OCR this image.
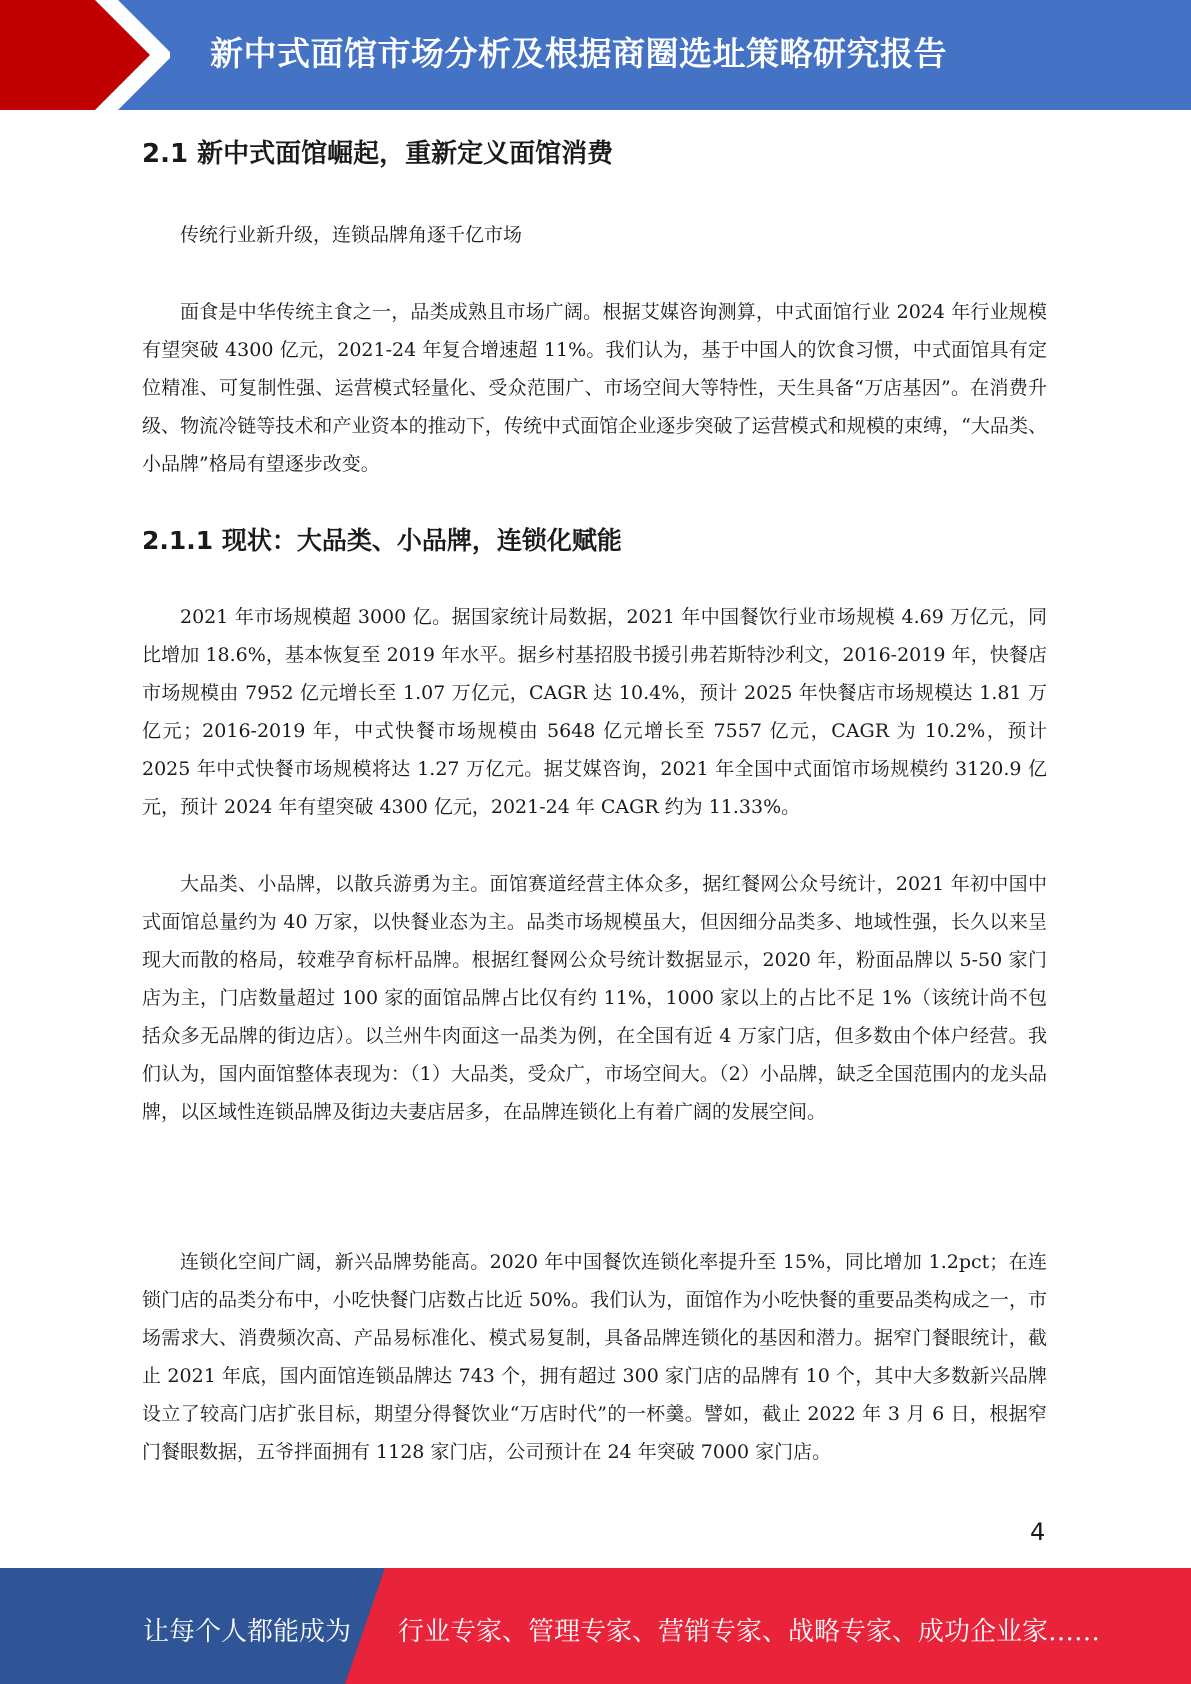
新中式面馆市场分析及根据商圈选址策略研究报告
2.1 新中式面馆崛起，重新定义面馆消费

传统行业新升级，连锁品牌角逐千亿市场

面食是中华传统主食之一，品类成熟且市场广阔。根据艾媒咨询测算，中式面馆行业 2024 年行业规模有望突破 4300 亿元，2021-24 年复合增速超 11%。我们认为，基于中国人的饮食习惯，中式面馆具有定位精准、可复制性强、运营模式轻量化、受众范围广、市场空间大等特性，天生具备“万店基因”。在消费升级、物流冷链等技术和产业资本的推动下，传统中式面馆企业逐步突破了运营模式和规模的束缚，“大品类、小品牌”格局有望逐步改变。

2.1.1 现状：大品类、小品牌，连锁化赋能

2021 年市场规模超 3000 亿。据国家统计局数据，2021 年中国餐饮行业市场规模 4.69 万亿元，同比增加 18.6%，基本恢复至 2019 年水平。据乡村基招股书援引弗若斯特沙利文，2016-2019 年，快餐店市场规模由 7952 亿元增长至 1.07 万亿元，CAGR 达 10.4%，预计 2025 年快餐店市场规模达 1.81 万亿元；2016-2019 年，中式快餐市场规模由 5648 亿元增长至 7557 亿元，CAGR 为 10.2%，预计 2025 年中式快餐市场规模将达 1.27 万亿元。据艾媒咨询，2021 年全国中式面馆市场规模约 3120.9 亿元，预计 2024 年有望突破 4300 亿元，2021-24 年 CAGR 约为 11.33%。

大品类、小品牌，以散兵游勇为主。面馆赛道经营主体众多，据红餐网公众号统计，2021 年初中国中式面馆总量约为 40 万家，以快餐业态为主。品类市场规模虽大，但因细分品类多、地域性强，长久以来呈现大而散的格局，较难孕育标杆品牌。根据红餐网公众号统计数据显示，2020 年，粉面品牌以 5-50 家门店为主，门店数量超过 100 家的面馆品牌占比仅有约 11%，1000 家以上的占比不足 1%（该统计尚不包括众多无品牌的街边店）。以兰州牛肉面这一品类为例，在全国有近 4 万家门店，但多数由个体户经营。我们认为，国内面馆整体表现为：（1）大品类，受众广，市场空间大。（2）小品牌，缺乏全国范围内的龙头品牌，以区域性连锁品牌及街边夫妻店居多，在品牌连锁化上有着广阔的发展空间。

连锁化空间广阔，新兴品牌势能高。2020 年中国餐饮连锁化率提升至 15%，同比增加 1.2pct；在连锁门店的品类分布中，小吃快餐门店数占比近 50%。我们认为，面馆作为小吃快餐的重要品类构成之一，市场需求大、消费频次高、产品易标准化、模式易复制，具备品牌连锁化的基因和潜力。据窄门餐眼统计，截止 2021 年底，国内面馆连锁品牌达 743 个，拥有超过 300 家门店的品牌有 10 个，其中大多数新兴品牌设立了较高门店扩张目标，期望分得餐饮业“万店时代”的一杯羹。譬如，截止 2022 年 3 月 6 日，根据窄门餐眼数据，五爷拌面拥有 1128 家门店，公司预计在 24 年突破 7000 家门店。

4
让每个人都能成为 行业专家、管理专家、营销专家、战略专家、成功企业家……
